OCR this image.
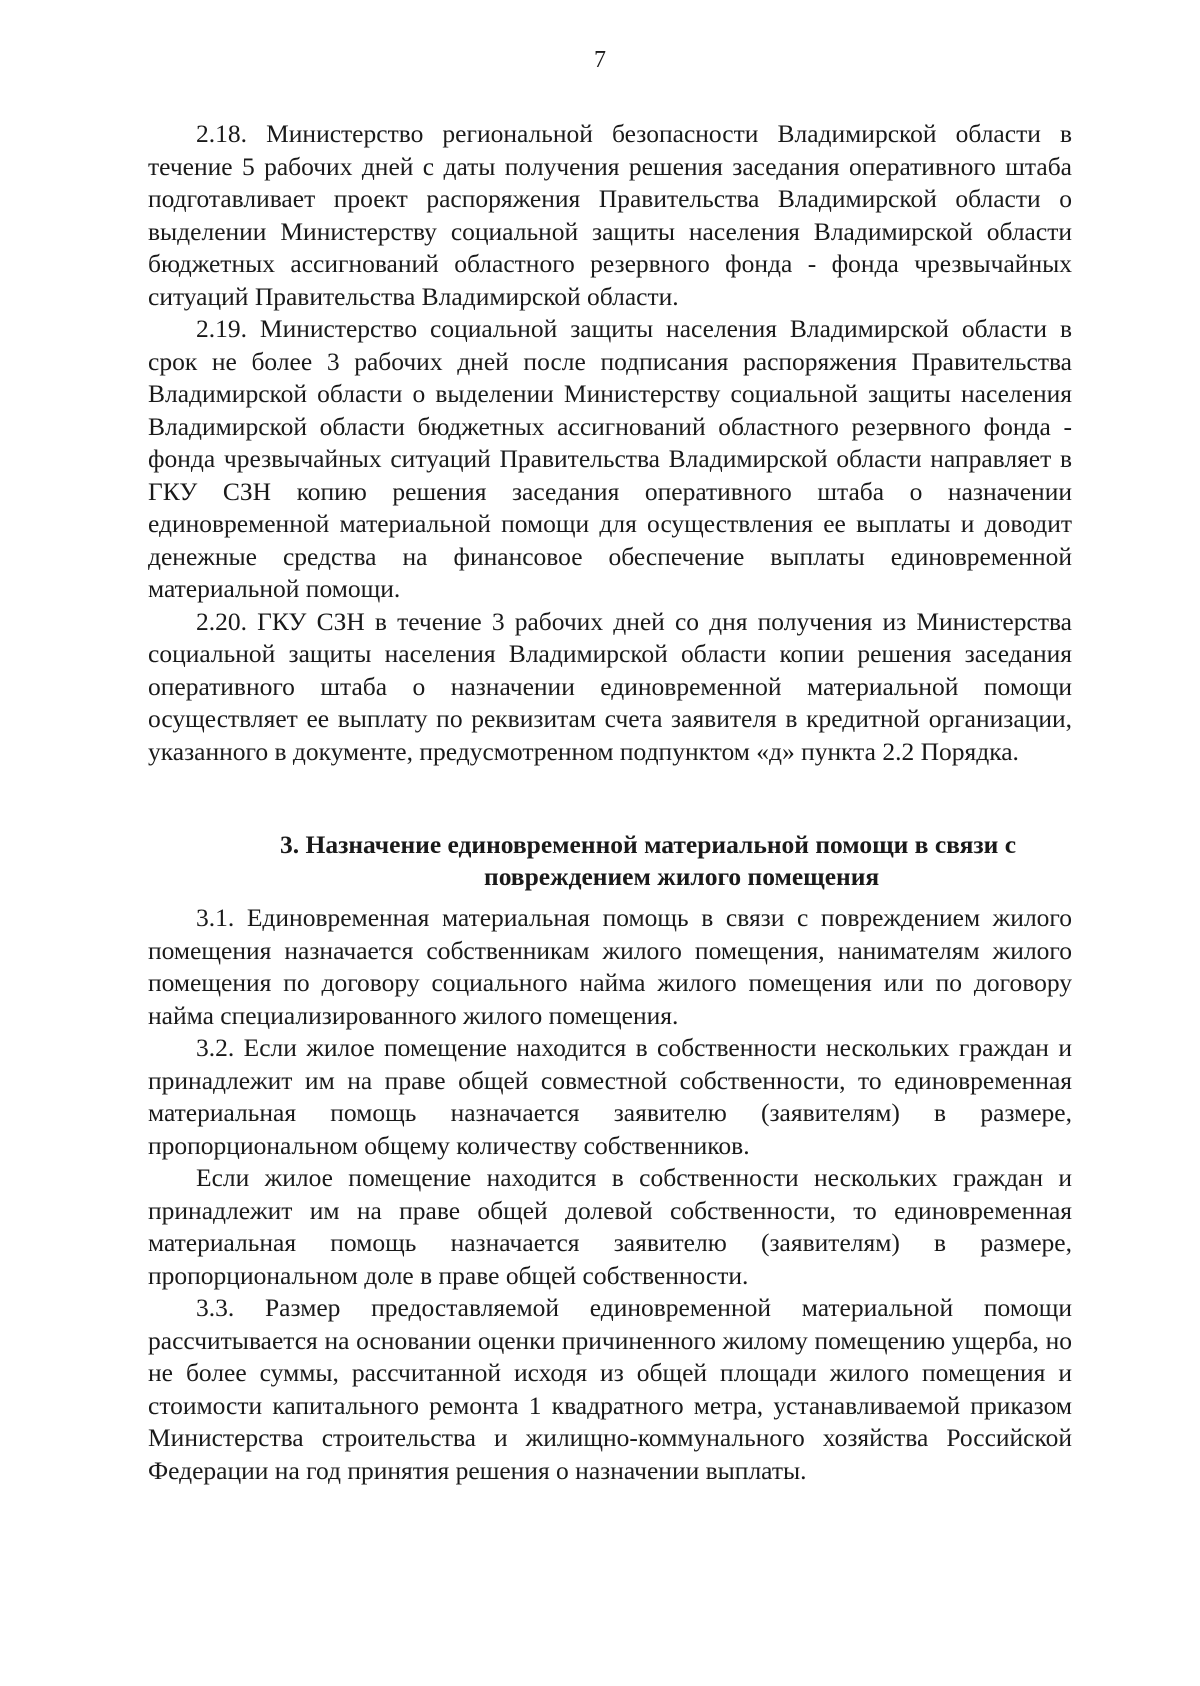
7

2.18. Министерство региональной безопасности Владимирской области в течение 5 рабочих дней с даты получения решения заседания оперативного штаба подготавливает проект распоряжения Правительства Владимирской области о выделении Министерству социальной защиты населения Владимирской области бюджетных ассигнований областного резервного фонда - фонда чрезвычайных ситуаций Правительства Владимирской области.

2.19. Министерство социальной защиты населения Владимирской области в срок не более 3 рабочих дней после подписания распоряжения Правительства Владимирской области о выделении Министерству социальной защиты населения Владимирской области бюджетных ассигнований областного резервного фонда - фонда чрезвычайных ситуаций Правительства Владимирской области направляет в ГКУ СЗН копию решения заседания оперативного штаба о назначении единовременной материальной помощи для осуществления ее выплаты и доводит денежные средства на финансовое обеспечение выплаты единовременной материальной помощи.

2.20. ГКУ СЗН в течение 3 рабочих дней со дня получения из Министерства социальной защиты населения Владимирской области копии решения заседания оперативного штаба о назначении единовременной материальной помощи осуществляет ее выплату по реквизитам счета заявителя в кредитной организации, указанного в документе, предусмотренном подпунктом «д» пункта 2.2 Порядка.

3. Назначение единовременной материальной помощи в связи с
повреждением жилого помещения

3.1. Единовременная материальная помощь в связи с повреждением жилого помещения назначается собственникам жилого помещения, нанимателям жилого помещения по договору социального найма жилого помещения или по договору найма специализированного жилого помещения.

3.2. Если жилое помещение находится в собственности нескольких граждан и принадлежит им на праве общей совместной собственности, то единовременная материальная помощь назначается заявителю (заявителям) в размере, пропорциональном общему количеству собственников.

Если жилое помещение находится в собственности нескольких граждан и принадлежит им на праве общей долевой собственности, то единовременная материальная помощь назначается заявителю (заявителям) в размере, пропорциональном доле в праве общей собственности.

3.3. Размер предоставляемой единовременной материальной помощи рассчитывается на основании оценки причиненного жилому помещению ущерба, но не более суммы, рассчитанной исходя из общей площади жилого помещения и стоимости капитального ремонта 1 квадратного метра, устанавливаемой приказом Министерства строительства и жилищно-коммунального хозяйства Российской Федерации на год принятия решения о назначении выплаты.
